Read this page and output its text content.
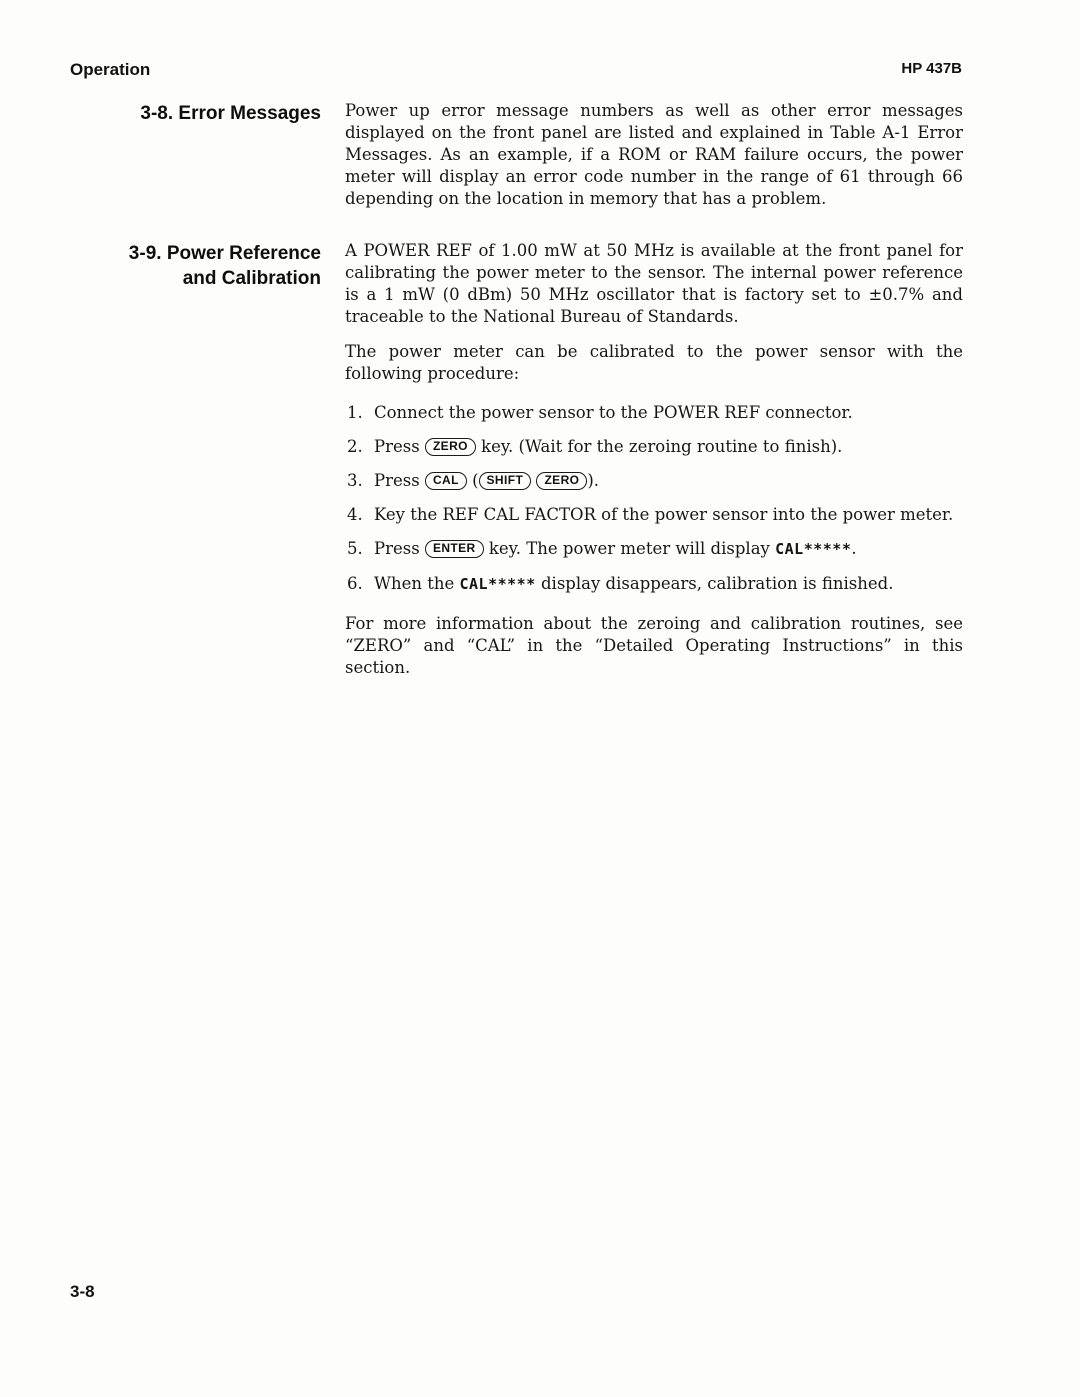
Operation	HP 437B
3-8. Error Messages Power up error message numbers as well as other error messages displayed on the front panel are listed and explained in Table A-1 Error Messages. As an example, if a ROM or RAM failure occurs, the power meter will display an error code number in the range of 61 through 66 depending on the location in memory that has a problem.

3-9. Power Reference
and Calibration

A POWER REF of 1.00 mW at 50 MHz is available at the front panel for calibrating the power meter to the sensor. The internal power reference is a 1 mW (0 dBm) 50 MHz oscillator that is factory set to ±0.7% and traceable to the National Bureau of Standards.

The power meter can be calibrated to the power sensor with the following procedure:

1. Connect the power sensor to the POWER REF connector.
2. Press ZERO key. (Wait for the zeroing routine to finish).
3. Press CAL ( SHIFT ZERO ).
4. Key the REF CAL FACTOR of the power sensor into the power meter.
5. Press ENTER key. The power meter will display CAL*****.
6. When the CAL***** display disappears, calibration is finished.

For more information about the zeroing and calibration routines, see “ZERO” and “CAL” in the “Detailed Operating Instructions” in this section.

3-8
